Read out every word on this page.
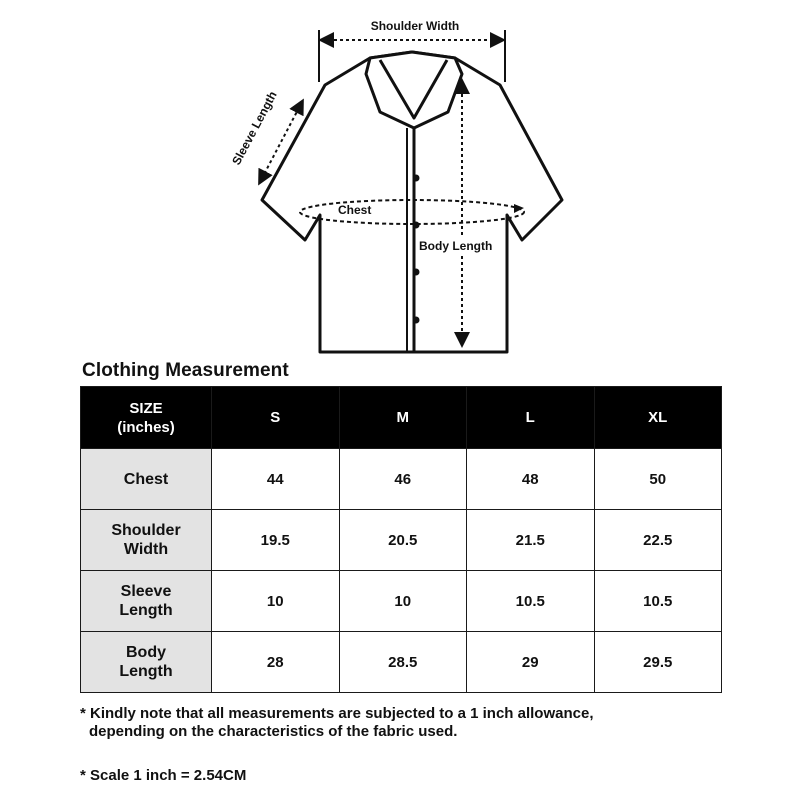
Shoulder Width
Sleeve Length
Chest
Body Length
Clothing Measurement
SIZE
(inches)	S	M	L	XL

Chest	44	46	48	50

Shoulder
Width	19.5	20.5	21.5	22.5

Sleeve
Length	10	10	10.5	10.5

Body
Length	28	28.5	29	29.5
* Kindly note that all measurements are subjected to a 1 inch allowance,
depending on the characteristics of the fabric used.
* Scale 1 inch = 2.54CM
